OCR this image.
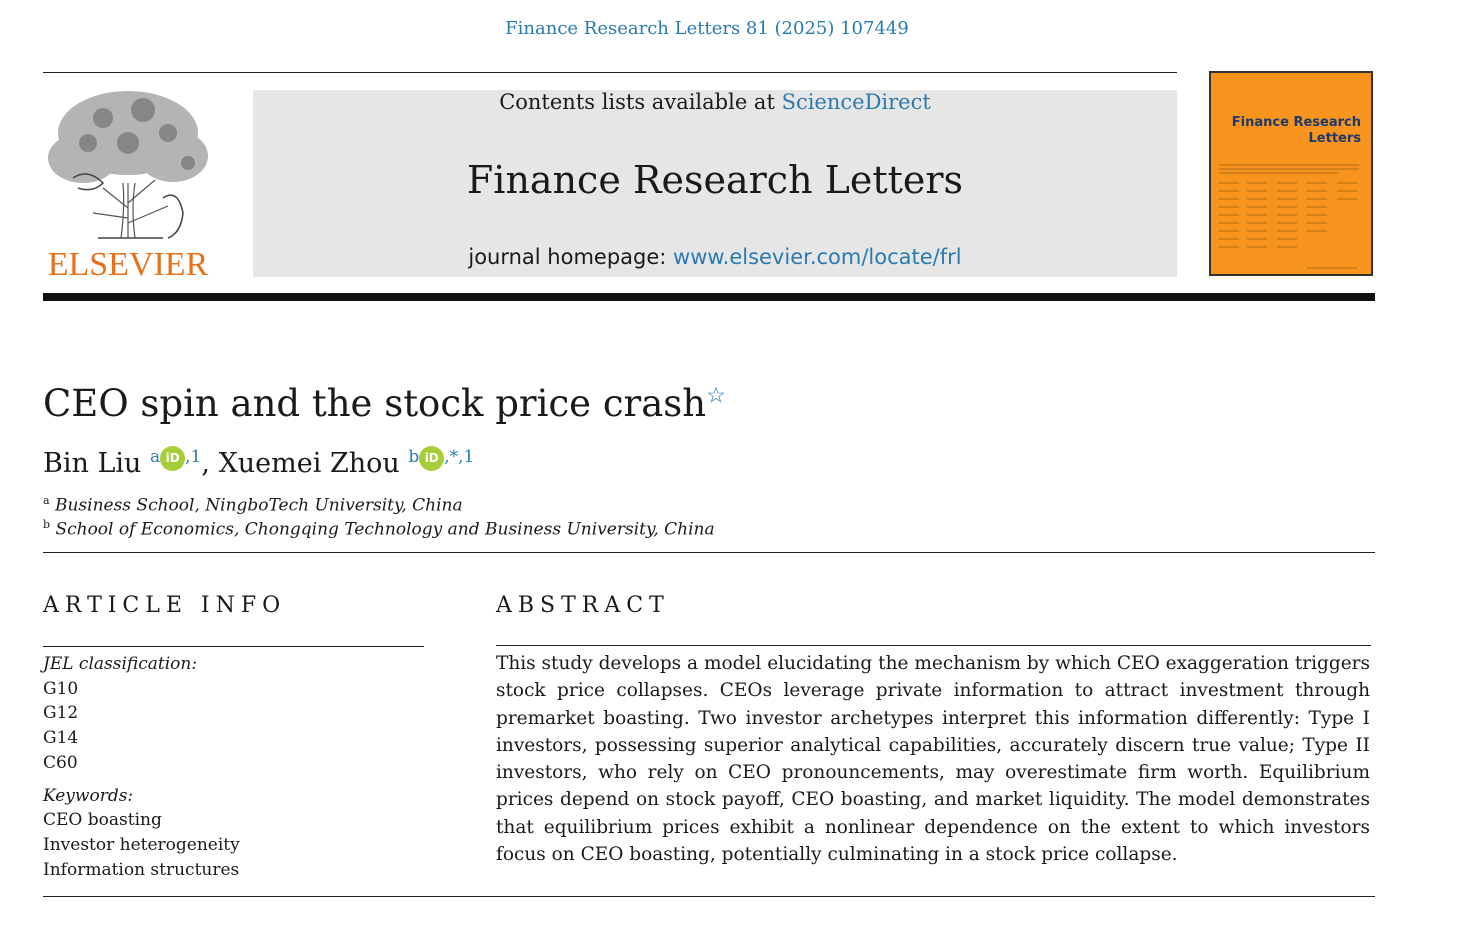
Finance Research Letters 81 (2025) 107449
ELSEVIER
Contents lists available at ScienceDirect
Finance Research Letters
journal homepage: www.elsevier.com/locate/frl
Finance Research
Letters
CEO spin and the stock price crash☆
Bin Liu $^a$ iD $^{,1}$, Xuemei Zhou $^b$ iD $^{,*,1}$
$^a$ Business School, NingboTech University, China
$^b$ School of Economics, Chongqing Technology and Business University, China
ARTICLE INFO	ABSTRACT
JEL classification:
G10
G12
G14
C60
Keywords:
CEO boasting
Investor heterogeneity
Information structures
This study develops a model elucidating the mechanism by which CEO exaggeration triggers stock price collapses. CEOs leverage private information to attract investment through premarket boasting. Two investor archetypes interpret this information differently: Type I investors, possessing superior analytical capabilities, accurately discern true value; Type II investors, who rely on CEO pronouncements, may overestimate firm worth. Equilibrium prices depend on stock payoff, CEO boasting, and market liquidity. The model demonstrates that equilibrium prices exhibit a nonlinear dependence on the extent to which investors focus on CEO boasting, potentially culminating in a stock price collapse.
